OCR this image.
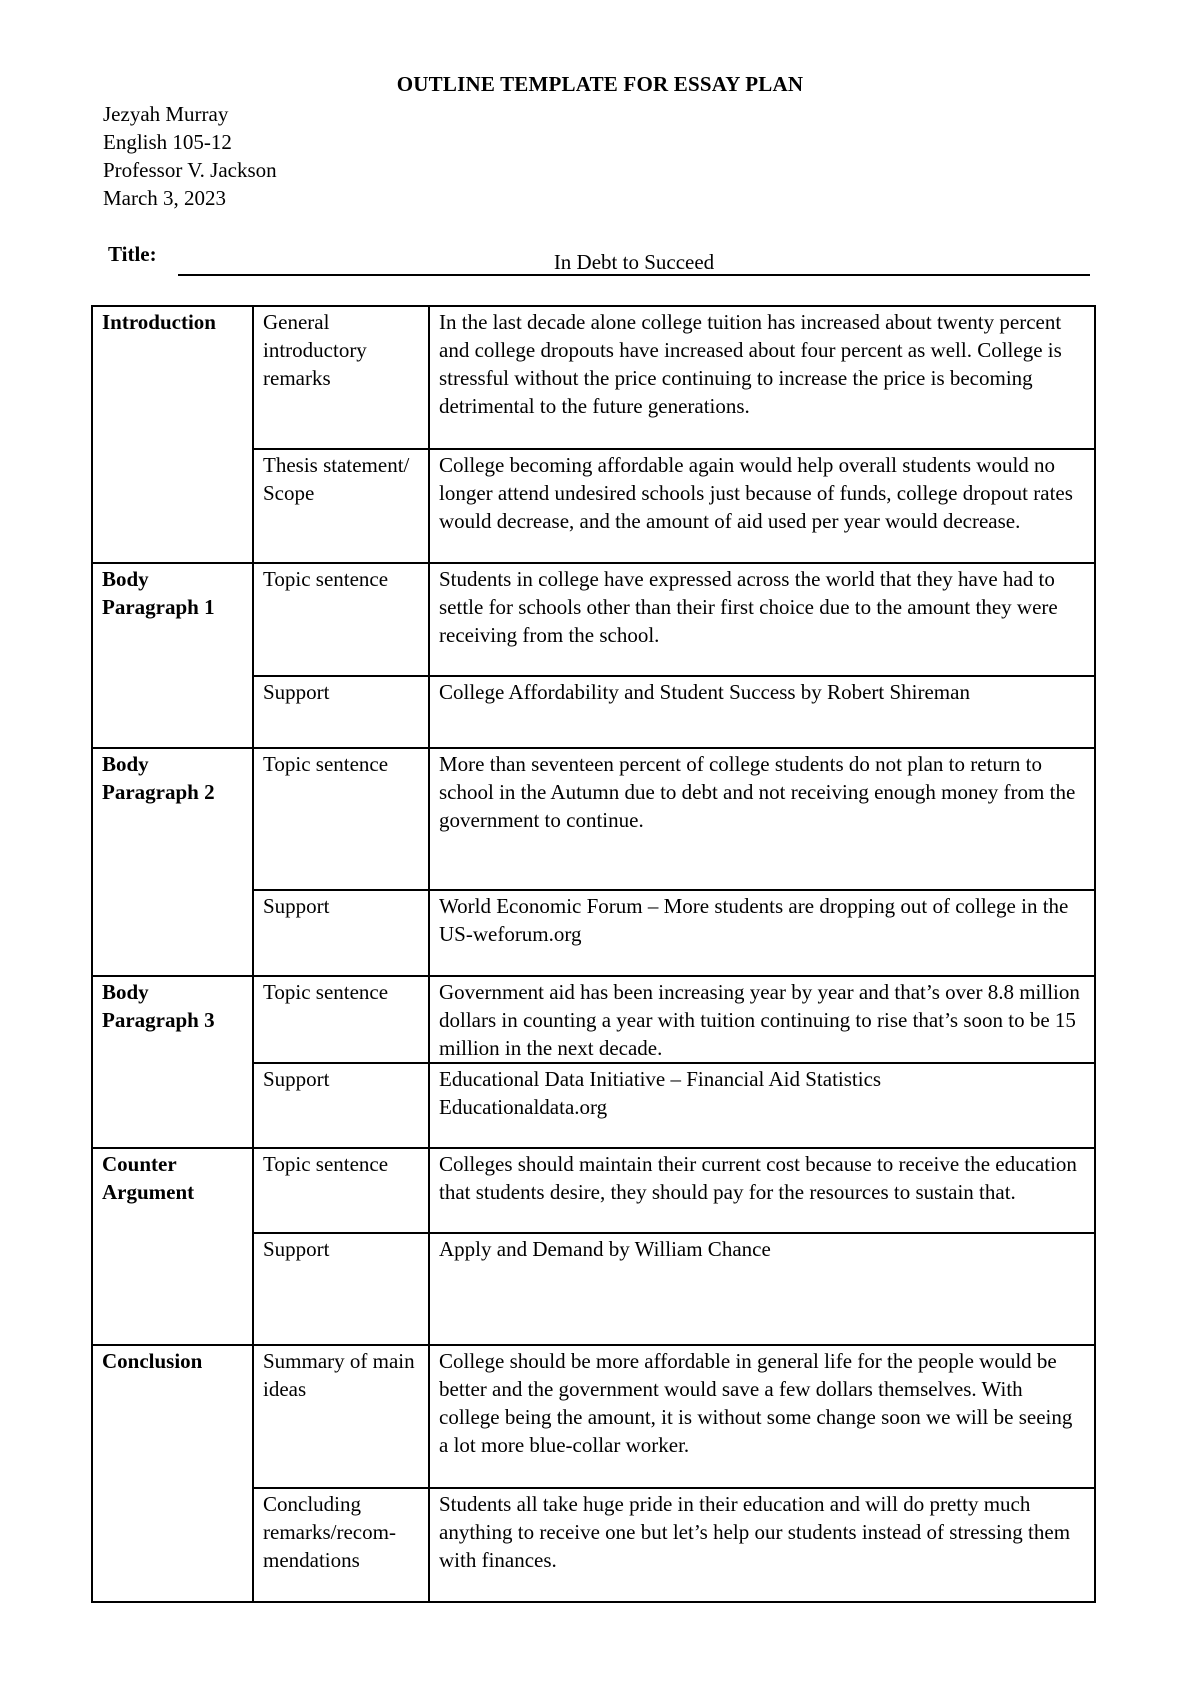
OUTLINE TEMPLATE FOR ESSAY PLAN
Jezyah Murray
English 105-12
Professor V. Jackson
March 3, 2023
Title:	In Debt to Succeed
Introduction	General introductory remarks	In the last decade alone college tuition has increased about twenty percent and college dropouts have increased about four percent as well. College is stressful without the price continuing to increase the price is becoming detrimental to the future generations.
	Thesis statement/ Scope	College becoming affordable again would help overall students would no longer attend undesired schools just because of funds, college dropout rates would decrease, and the amount of aid used per year would decrease.
Body Paragraph 1	Topic sentence	Students in college have expressed across the world that they have had to settle for schools other than their first choice due to the amount they were receiving from the school.
	Support	College Affordability and Student Success by Robert Shireman
Body Paragraph 2	Topic sentence	More than seventeen percent of college students do not plan to return to school in the Autumn due to debt and not receiving enough money from the government to continue.
	Support	World Economic Forum – More students are dropping out of college in the US-weforum.org
Body Paragraph 3	Topic sentence	Government aid has been increasing year by year and that’s over 8.8 million dollars in counting a year with tuition continuing to rise that’s soon to be 15 million in the next decade.
	Support	Educational Data Initiative – Financial Aid Statistics
Educationaldata.org

Counter Argument	Topic sentence	Colleges should maintain their current cost because to receive the education that students desire, they should pay for the resources to sustain that.
	Support	Apply and Demand by William Chance
Conclusion	Summary of main ideas	College should be more affordable in general life for the people would be better and the government would save a few dollars themselves. With college being the amount, it is without some change soon we will be seeing a lot more blue-collar worker.
	Concluding remarks/recom-mendations	Students all take huge pride in their education and will do pretty much anything to receive one but let’s help our students instead of stressing them with finances.
